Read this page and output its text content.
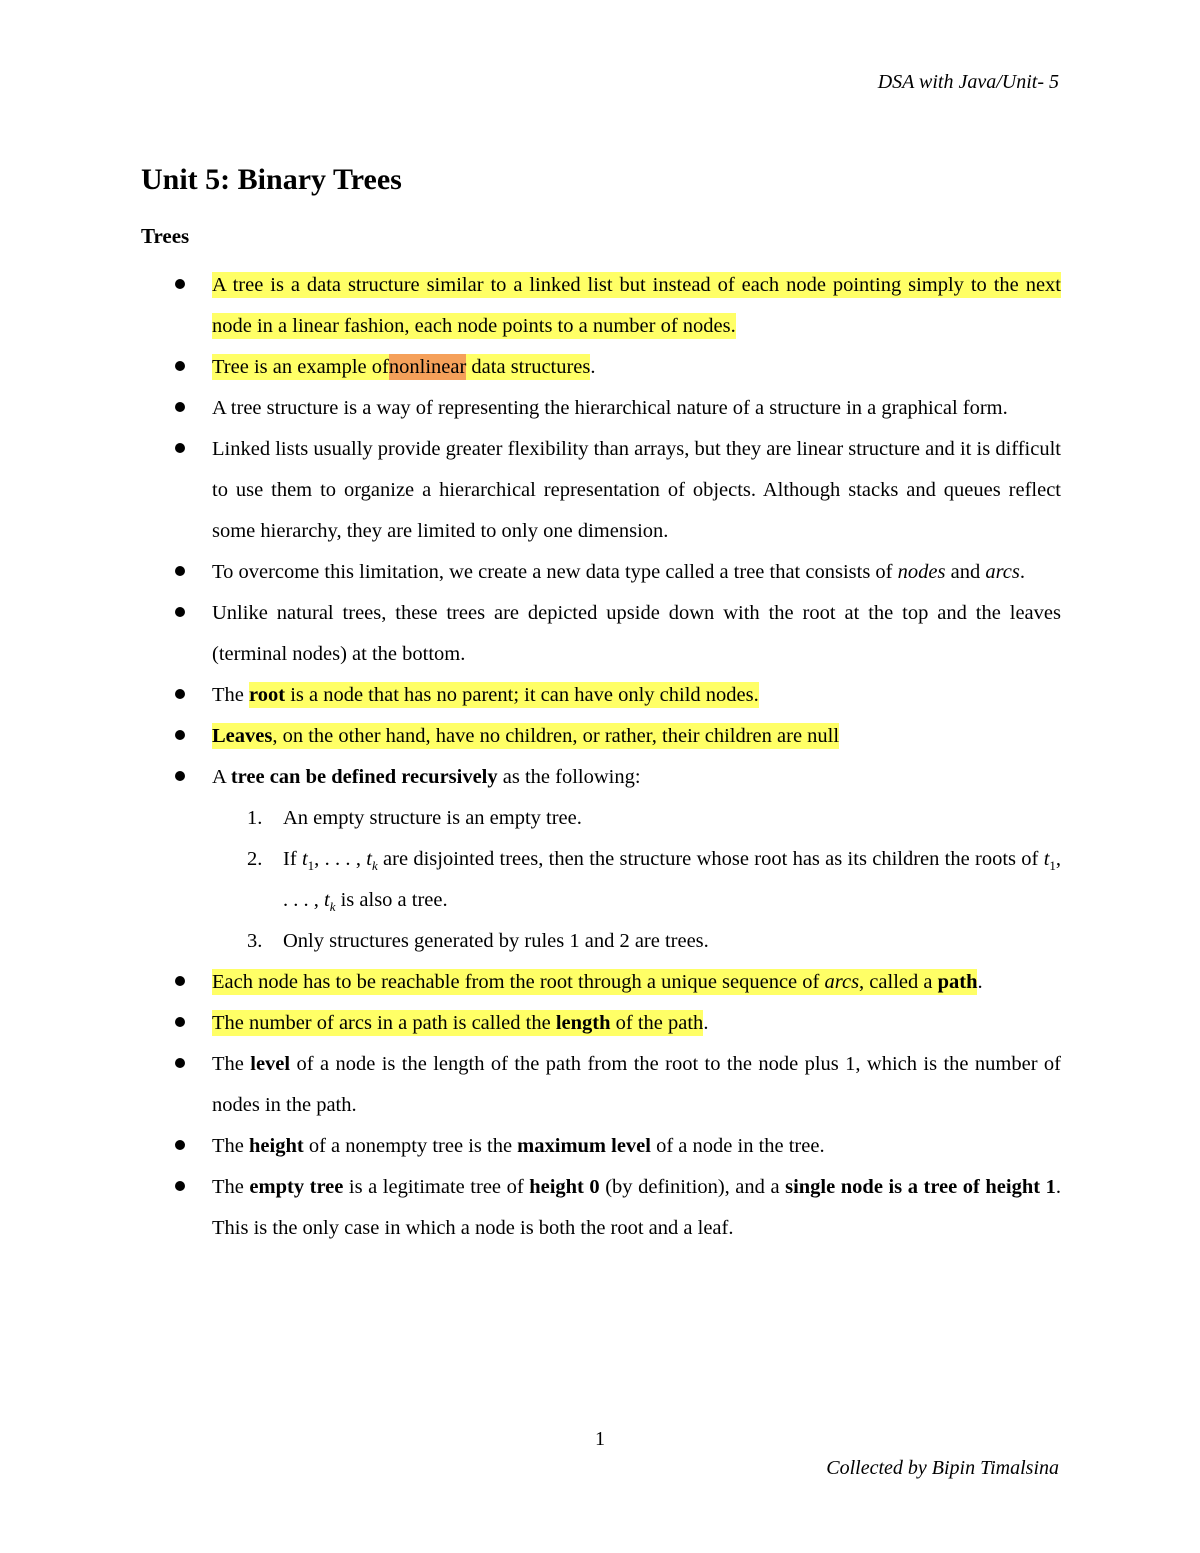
DSA with Java/Unit- 5
Unit 5: Binary Trees
Trees
A tree is a data structure similar to a linked list but instead of each node pointing simply to the next node in a linear fashion, each node points to a number of nodes.
Tree is an example ofnonlinear data structures.
A tree structure is a way of representing the hierarchical nature of a structure in a graphical form.
Linked lists usually provide greater flexibility than arrays, but they are linear structure and it is difficult to use them to organize a hierarchical representation of objects. Although stacks and queues reflect some hierarchy, they are limited to only one dimension.
To overcome this limitation, we create a new data type called a tree that consists of nodes and arcs.
Unlike natural trees, these trees are depicted upside down with the root at the top and the leaves (terminal nodes) at the bottom.
The root is a node that has no parent; it can have only child nodes.
Leaves, on the other hand, have no children, or rather, their children are null
A tree can be defined recursively as the following:
1. An empty structure is an empty tree.
2. If $t_1$, . . . , $t_k$ are disjointed trees, then the structure whose root has as its children the roots of $t_1$, . . . , $t_k$ is also a tree.
3. Only structures generated by rules 1 and 2 are trees.
Each node has to be reachable from the root through a unique sequence of arcs, called a path.
The number of arcs in a path is called the length of the path.
The level of a node is the length of the path from the root to the node plus 1, which is the number of nodes in the path.
The height of a nonempty tree is the maximum level of a node in the tree.
The empty tree is a legitimate tree of height 0 (by definition), and a single node is a tree of height 1. This is the only case in which a node is both the root and a leaf.
1
Collected by Bipin Timalsina
